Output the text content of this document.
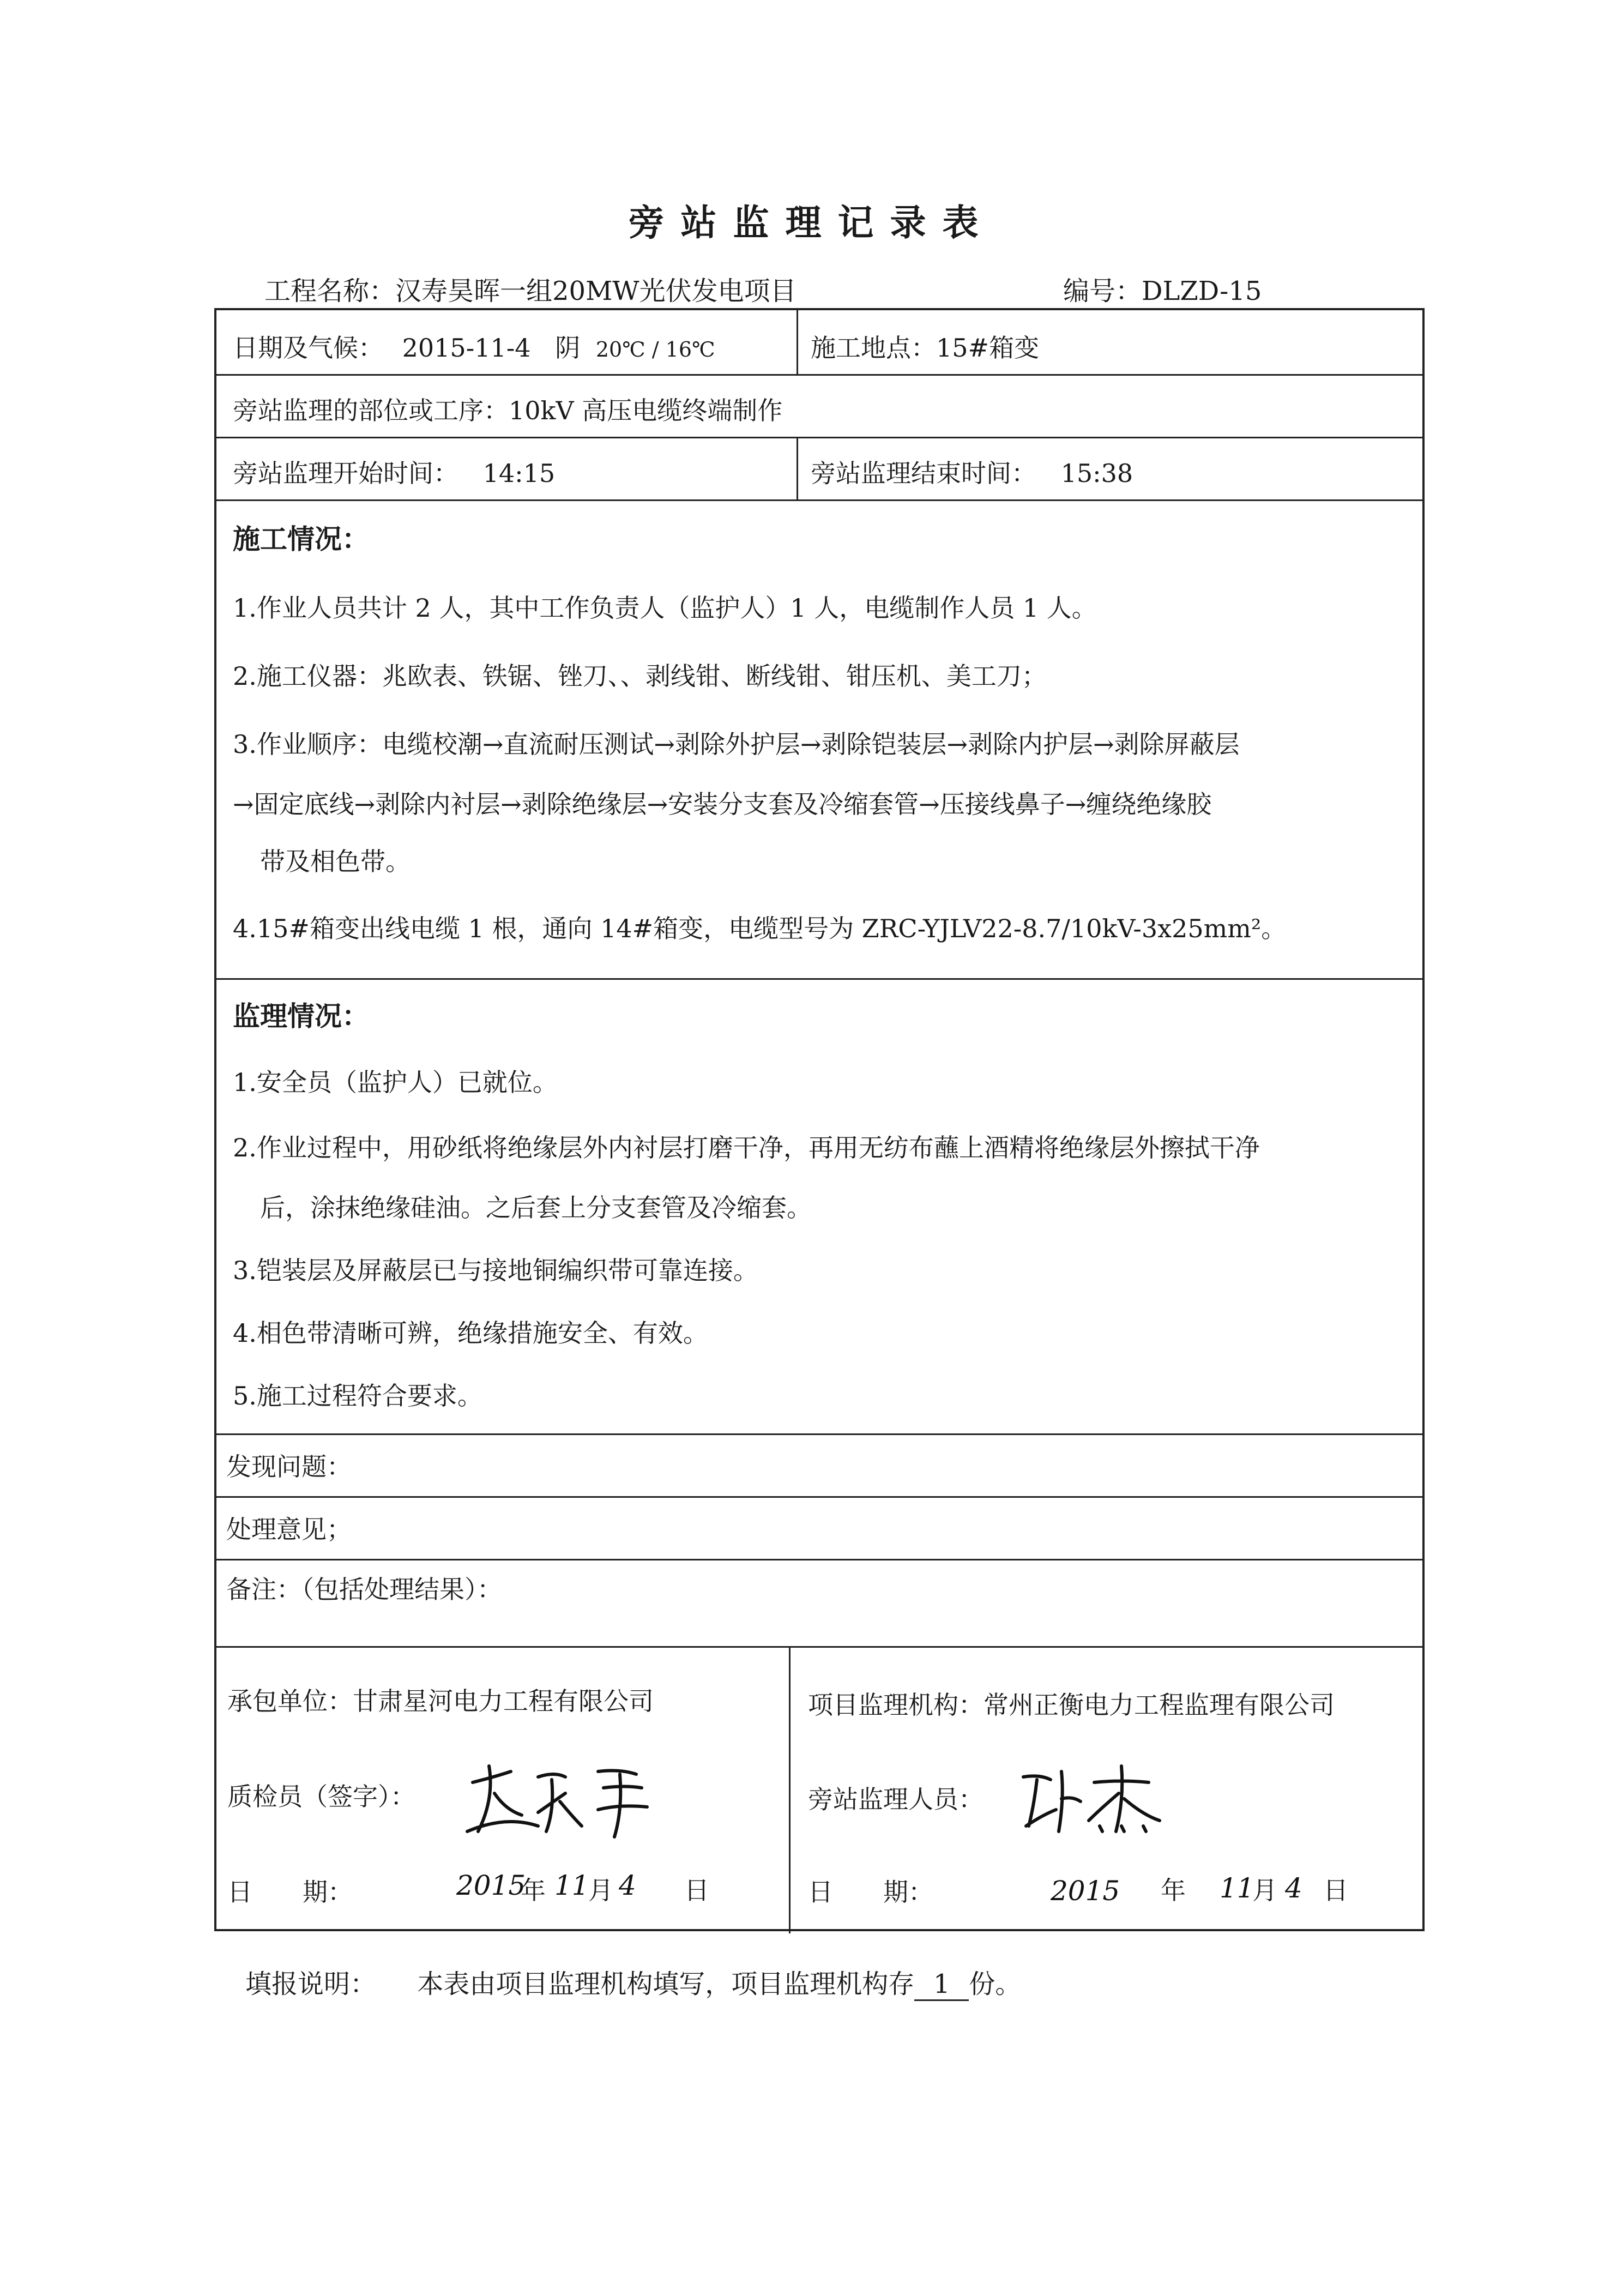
旁站监理记录表
工程名称：汉寿昊晖一组20MW光伏发电项目	编号：DLZD-15
日期及气候： 2015-11-4 阴 20℃ / 16℃	施工地点：15#箱变
旁站监理的部位或工序：10kV 高压电缆终端制作
旁站监理开始时间： 14:15	旁站监理结束时间： 15:38
施工情况：
1.作业人员共计 2 人，其中工作负责人（监护人）1 人，电缆制作人员 1 人。
2.施工仪器：兆欧表、铁锯、锉刀、、剥线钳、断线钳、钳压机、美工刀；
3.作业顺序：电缆校潮→直流耐压测试→剥除外护层→剥除铠装层→剥除内护层→剥除屏蔽层
→固定底线→剥除内衬层→剥除绝缘层→安装分支套及冷缩套管→压接线鼻子→缠绕绝缘胶
带及相色带。
4.15#箱变出线电缆 1 根，通向 14#箱变，电缆型号为 ZRC-YJLV22-8.7/10kV-3x25mm²。
监理情况：
1.安全员（监护人）已就位。
2.作业过程中，用砂纸将绝缘层外内衬层打磨干净，再用无纺布蘸上酒精将绝缘层外擦拭干净
后，涂抹绝缘硅油。之后套上分支套管及冷缩套。
3.铠装层及屏蔽层已与接地铜编织带可靠连接。
4.相色带清晰可辨，绝缘措施安全、有效。
5.施工过程符合要求。
发现问题：
处理意见；
备注：（包括处理结果）：
承包单位：甘肃星河电力工程有限公司
质检员（签字）：
李永星
日　　期：	2015
年 11
月 4 日
项目监理机构：常州正衡电力工程监理有限公司
旁站监理人员：
张杰
日　　期：	2015 年 11
月 4 日
填报说明： 本表由项目监理机构填写，项目监理机构存 1 份。
